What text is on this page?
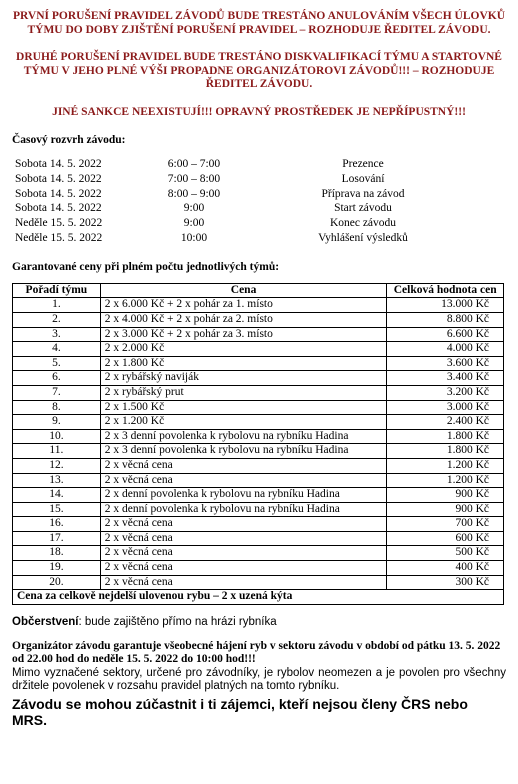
PRVNÍ PORUŠENÍ PRAVIDEL ZÁVODŮ BUDE TRESTÁNO ANULOVÁNÍM VŠECH ÚLOVKŮ TÝMU DO DOBY ZJIŠTĚNÍ PORUŠENÍ PRAVIDEL – ROZHODUJE ŘEDITEL ZÁVODU.

DRUHÉ PORUŠENÍ PRAVIDEL BUDE TRESTÁNO DISKVALIFIKACÍ TÝMU A STARTOVNÉ TÝMU V JEHO PLNÉ VÝŠI PROPADNE ORGANIZÁTOROVI ZÁVODŮ!!! – ROZHODUJE ŘEDITEL ZÁVODU.

JINÉ SANKCE NEEXISTUJÍ!!! OPRAVNÝ PROSTŘEDEK JE NEPŘÍPUSTNÝ!!!

Časový rozvrh závodu:

Sobota 14. 5. 2022	6:00 – 7:00	Prezence
Sobota 14. 5. 2022	7:00 – 8:00	Losování
Sobota 14. 5. 2022	8:00 – 9:00	Příprava na závod
Sobota 14. 5. 2022	9:00	Start závodu
Neděle 15. 5. 2022	9:00	Konec závodu
Neděle 15. 5. 2022	10:00	Vyhlášení výsledků

Garantované ceny při plném počtu jednotlivých týmů:

Pořadí týmu	Cena	Celková hodnota cen
1.	2 x 6.000 Kč + 2 x pohár za 1. místo	13.000 Kč
2.	2 x 4.000 Kč + 2 x pohár za 2. místo	8.800 Kč
3.	2 x 3.000 Kč + 2 x pohár za 3. místo	6.600 Kč
4.	2 x 2.000 Kč	4.000 Kč
5.	2 x 1.800 Kč	3.600 Kč
6.	2 x rybářský naviják	3.400 Kč
7.	2 x rybářský prut	3.200 Kč
8.	2 x 1.500 Kč	3.000 Kč
9.	2 x 1.200 Kč	2.400 Kč
10.	2 x 3 denní povolenka k rybolovu na rybníku Hadina	1.800 Kč
11.	2 x 3 denní povolenka k rybolovu na rybníku Hadina	1.800 Kč
12.	2 x věcná cena	1.200 Kč
13.	2 x věcná cena	1.200 Kč
14.	2 x denní povolenka k rybolovu na rybníku Hadina	900 Kč
15.	2 x denní povolenka k rybolovu na rybníku Hadina	900 Kč
16.	2 x věcná cena	700 Kč
17.	2 x věcná cena	600 Kč
18.	2 x věcná cena	500 Kč
19.	2 x věcná cena	400 Kč
20.	2 x věcná cena	300 Kč
Cena za celkově nejdelší ulovenou rybu – 2 x uzená kýta		

Občerstvení: bude zajištěno přímo na hrázi rybníka

Organizátor závodu garantuje všeobecné hájení ryb v sektoru závodu v období od pátku 13. 5. 2022 od 22.00 hod do neděle 15. 5. 2022 do 10:00 hod!!!
Mimo vyznačené sektory, určené pro závodníky, je rybolov neomezen a je povolen pro všechny držitele povolenek v rozsahu pravidel platných na tomto rybníku.
Závodu se mohou zúčastnit i ti zájemci, kteří nejsou členy ČRS nebo MRS.
